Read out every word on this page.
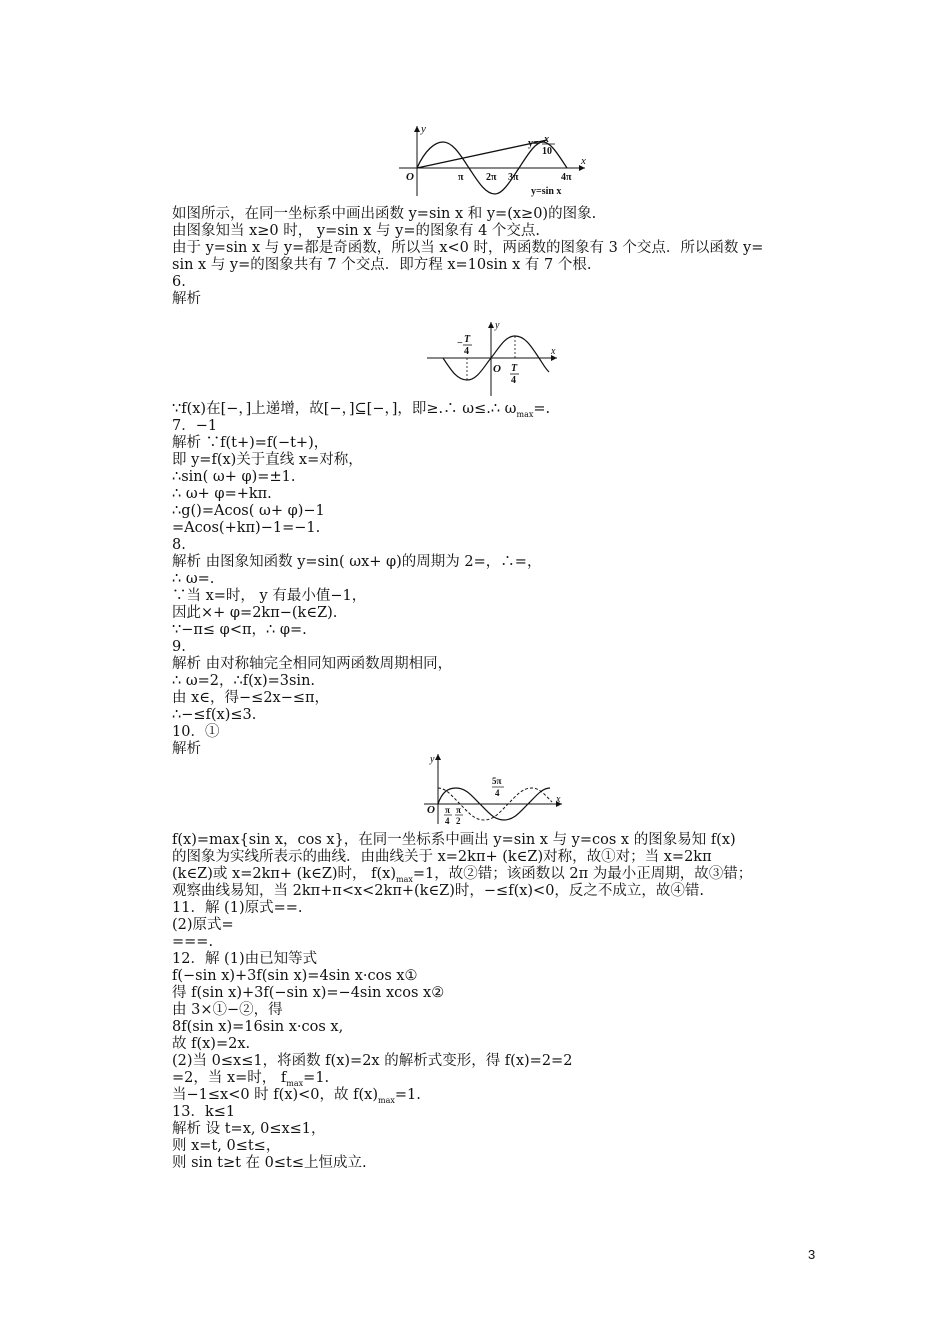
y
x
O	π 2π 3π	4π
y= x
10
y=sin x
y
x
O
− T
4
T
4
y
x
O π
4
π
2
5π
4
如图所示，在同一坐标系中画出函数 y=sin x 和 y=(x≥0)的图象.
由图象知当 x≥0 时， y=sin x 与 y=的图象有 4 个交点.
由于 y=sin x 与 y=都是奇函数，所以当 x<0 时，两函数的图象有 3 个交点．所以函数 y=
sin x 与 y=的图象共有 7 个交点．即方程 x=10sin x 有 7 个根.
6.
解析
∵f(x)在[−，]上递增，故[−，]⊆[−，]，即≥.∴ ω≤.∴ $\omega_{max}=$.
7．−1
解析 ∵f(t+)=f(−t+)，
即 y=f(x)关于直线 x=对称，
∴sin( ω+ φ)=±1.
∴ ω+ φ=+kπ.
∴g()=Acos( ω+ φ)−1
=Acos(+kπ)−1=−1.
8.
解析 由图象知函数 y=sin( ωx+ φ)的周期为 2=，∴=，
∴ ω=.
∵当 x=时， y 有最小值−1，
因此×+ φ=2kπ−(k∈Z).
∵−π≤ φ<π，∴ φ=.
9.
解析 由对称轴完全相同知两函数周期相同，
∴ ω=2，∴f(x)=3sin.
由 x∈，得−≤2x−≤π，
∴−≤f(x)≤3.
10．①
解析
f(x)=max{sin x，cos x}，在同一坐标系中画出 y=sin x 与 y=cos x 的图象易知 f(x)
的图象为实线所表示的曲线．由曲线关于 x=2kπ+ (k∈Z)对称，故①对；当 x=2kπ
(k∈Z)或 x=2kπ+ (k∈Z)时， $f(x)_{max}=1$，故②错；该函数以 2π 为最小正周期，故③错；
观察曲线易知，当 2kπ+π<x<2kπ+(k∈Z)时，−≤f(x)<0，反之不成立，故④错.
11．解 (1)原式==.
(2)原式=
===.
12．解 (1)由已知等式
f(−sin x)+3f(sin x)=4sin x·cos x①
得 f(sin x)+3f(−sin x)=−4sin xcos x②
由 3×①−②，得
8f(sin x)=16sin x·cos x,
故 f(x)=2x.
(2)当 0≤x≤1，将函数 f(x)=2x 的解析式变形，得 f(x)=2=2
=2，当 x=时， $f_{max}=1$.
当−1≤x<0 时 f(x)<0，故 $f(x)_{max}=1$.
13．k≤1
解析 设 t=x, 0≤x≤1，
则 x=t, 0≤t≤，
则 sin t≥t 在 0≤t≤上恒成立.
3
